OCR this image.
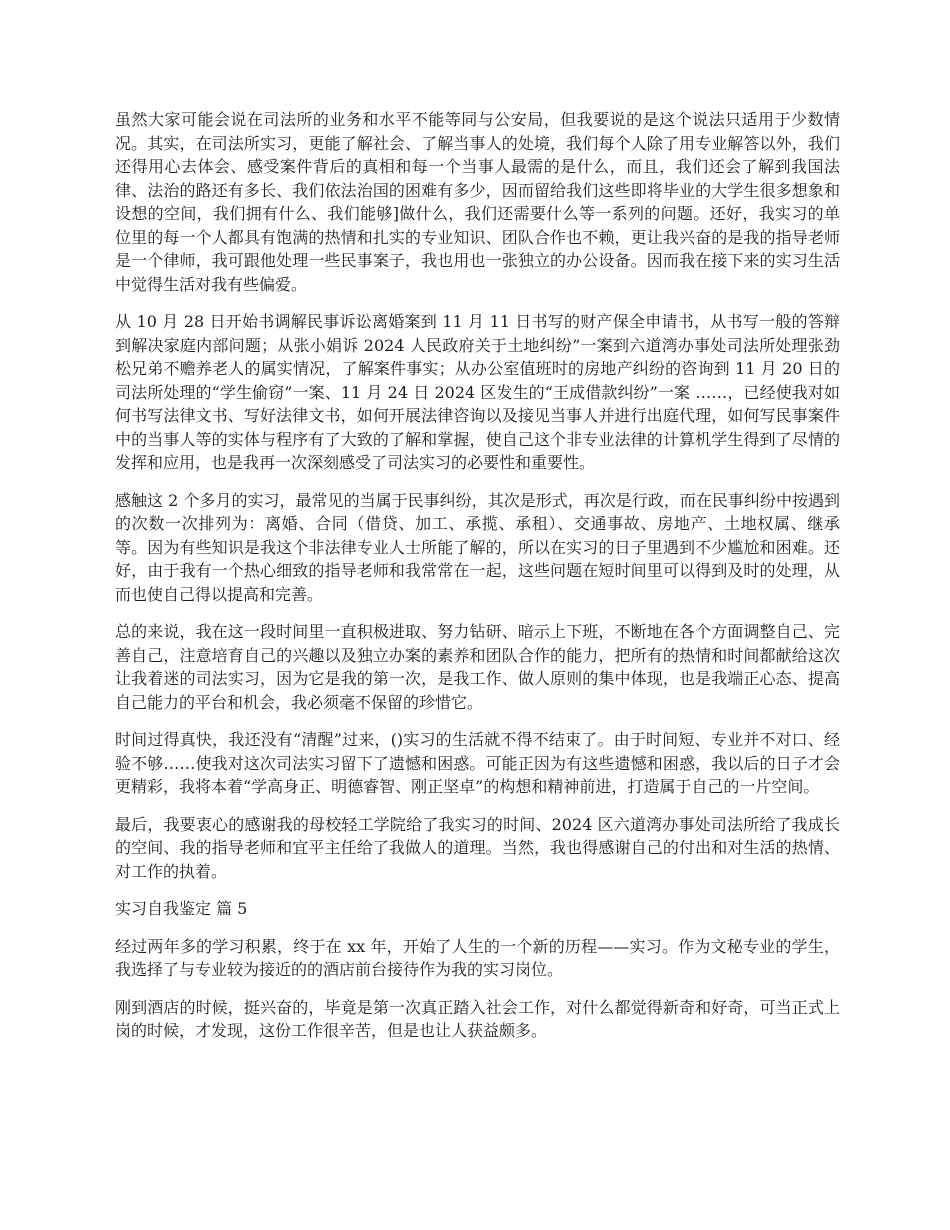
虽然大家可能会说在司法所的业务和水平不能等同与公安局，但我要说的是这个说法只适用于少数情况。其实，在司法所实习，更能了解社会、了解当事人的处境，我们每个人除了用专业解答以外，我们还得用心去体会、感受案件背后的真相和每一个当事人最需的是什么，而且，我们还会了解到我国法律、法治的路还有多长、我们依法治国的困难有多少，因而留给我们这些即将毕业的大学生很多想象和设想的空间，我们拥有什么、我们能够]做什么，我们还需要什么等一系列的问题。还好，我实习的单位里的每一个人都具有饱满的热情和扎实的专业知识、团队合作也不赖，更让我兴奋的是我的指导老师是一个律师，我可跟他处理一些民事案子，我也用也一张独立的办公设备。因而我在接下来的实习生活中觉得生活对我有些偏爱。

从 10 月 28 日开始书调解民事诉讼离婚案到 11 月 11 日书写的财产保全申请书，从书写一般的答辩到解决家庭内部问题；从张小娟诉 2024 人民政府关于土地纠纷”一案到六道湾办事处司法所处理张劲松兄弟不赡养老人的属实情况，了解案件事实；从办公室值班时的房地产纠纷的咨询到 11 月 20 日的司法所处理的“学生偷窃”一案、11 月 24 日 2024 区发生的“王成借款纠纷”一案 ……，已经使我对如何书写法律文书、写好法律文书，如何开展法律咨询以及接见当事人并进行出庭代理，如何写民事案件中的当事人等的实体与程序有了大致的了解和掌握，使自己这个非专业法律的计算机学生得到了尽情的发挥和应用，也是我再一次深刻感受了司法实习的必要性和重要性。

感触这 2 个多月的实习，最常见的当属于民事纠纷，其次是形式，再次是行政，而在民事纠纷中按遇到的次数一次排列为：离婚、合同（借贷、加工、承揽、承租）、交通事故、房地产、土地权属、继承等。因为有些知识是我这个非法律专业人士所能了解的，所以在实习的日子里遇到不少尴尬和困难。还好，由于我有一个热心细致的指导老师和我常常在一起，这些问题在短时间里可以得到及时的处理，从而也使自己得以提高和完善。

总的来说，我在这一段时间里一直积极进取、努力钻研、暗示上下班，不断地在各个方面调整自己、完善自己，注意培育自己的兴趣以及独立办案的素养和团队合作的能力，把所有的热情和时间都献给这次让我着迷的司法实习，因为它是我的第一次，是我工作、做人原则的集中体现，也是我端正心态、提高自己能力的平台和机会，我必须毫不保留的珍惜它。

时间过得真快，我还没有“清醒”过来，()实习的生活就不得不结束了。由于时间短、专业并不对口、经验不够……使我对这次司法实习留下了遗憾和困惑。可能正因为有这些遗憾和困惑，我以后的日子才会更精彩，我将本着“学高身正、明德睿智、刚正坚卓”的构想和精神前进，打造属于自己的一片空间。

最后，我要衷心的感谢我的母校轻工学院给了我实习的时间、2024 区六道湾办事处司法所给了我成长的空间、我的指导老师和宜平主任给了我做人的道理。当然，我也得感谢自己的付出和对生活的热情、对工作的执着。

实习自我鉴定 篇 5

经过两年多的学习积累，终于在 xx 年，开始了人生的一个新的历程——实习。作为文秘专业的学生，我选择了与专业较为接近的的酒店前台接待作为我的实习岗位。

刚到酒店的时候，挺兴奋的，毕竟是第一次真正踏入社会工作，对什么都觉得新奇和好奇，可当正式上岗的时候，才发现，这份工作很辛苦，但是也让人获益颇多。
